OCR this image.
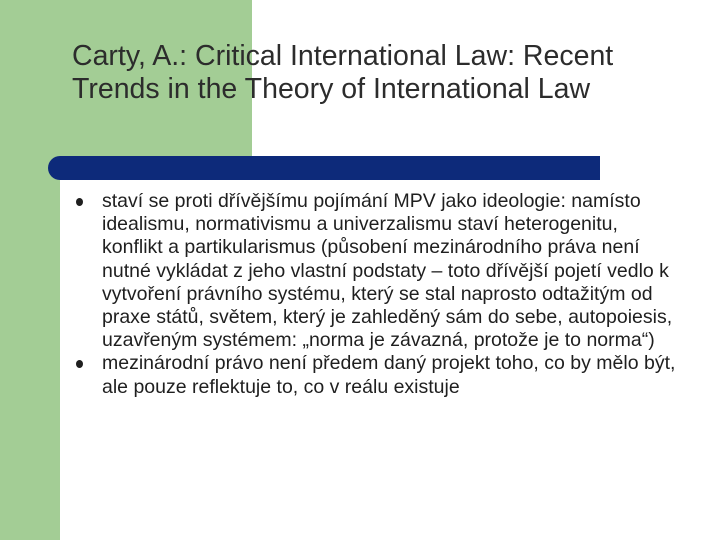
Carty, A.: Critical International Law: Recent Trends in the Theory of International Law
staví se proti dřívějšímu pojímání MPV jako ideologie: namísto idealismu, normativismu a univerzalismu staví heterogenitu, konflikt a partikularismus (působení mezinárodního práva není nutné vykládat z jeho vlastní podstaty – toto dřívější pojetí vedlo k vytvoření právního systému, který se stal naprosto odtažitým od praxe států, světem, který je zahleděný sám do sebe, autopoiesis, uzavřeným systémem: „norma je závazná, protože je to norma“)
mezinárodní právo není předem daný projekt toho, co by mělo být, ale pouze reflektuje to, co v reálu existuje
